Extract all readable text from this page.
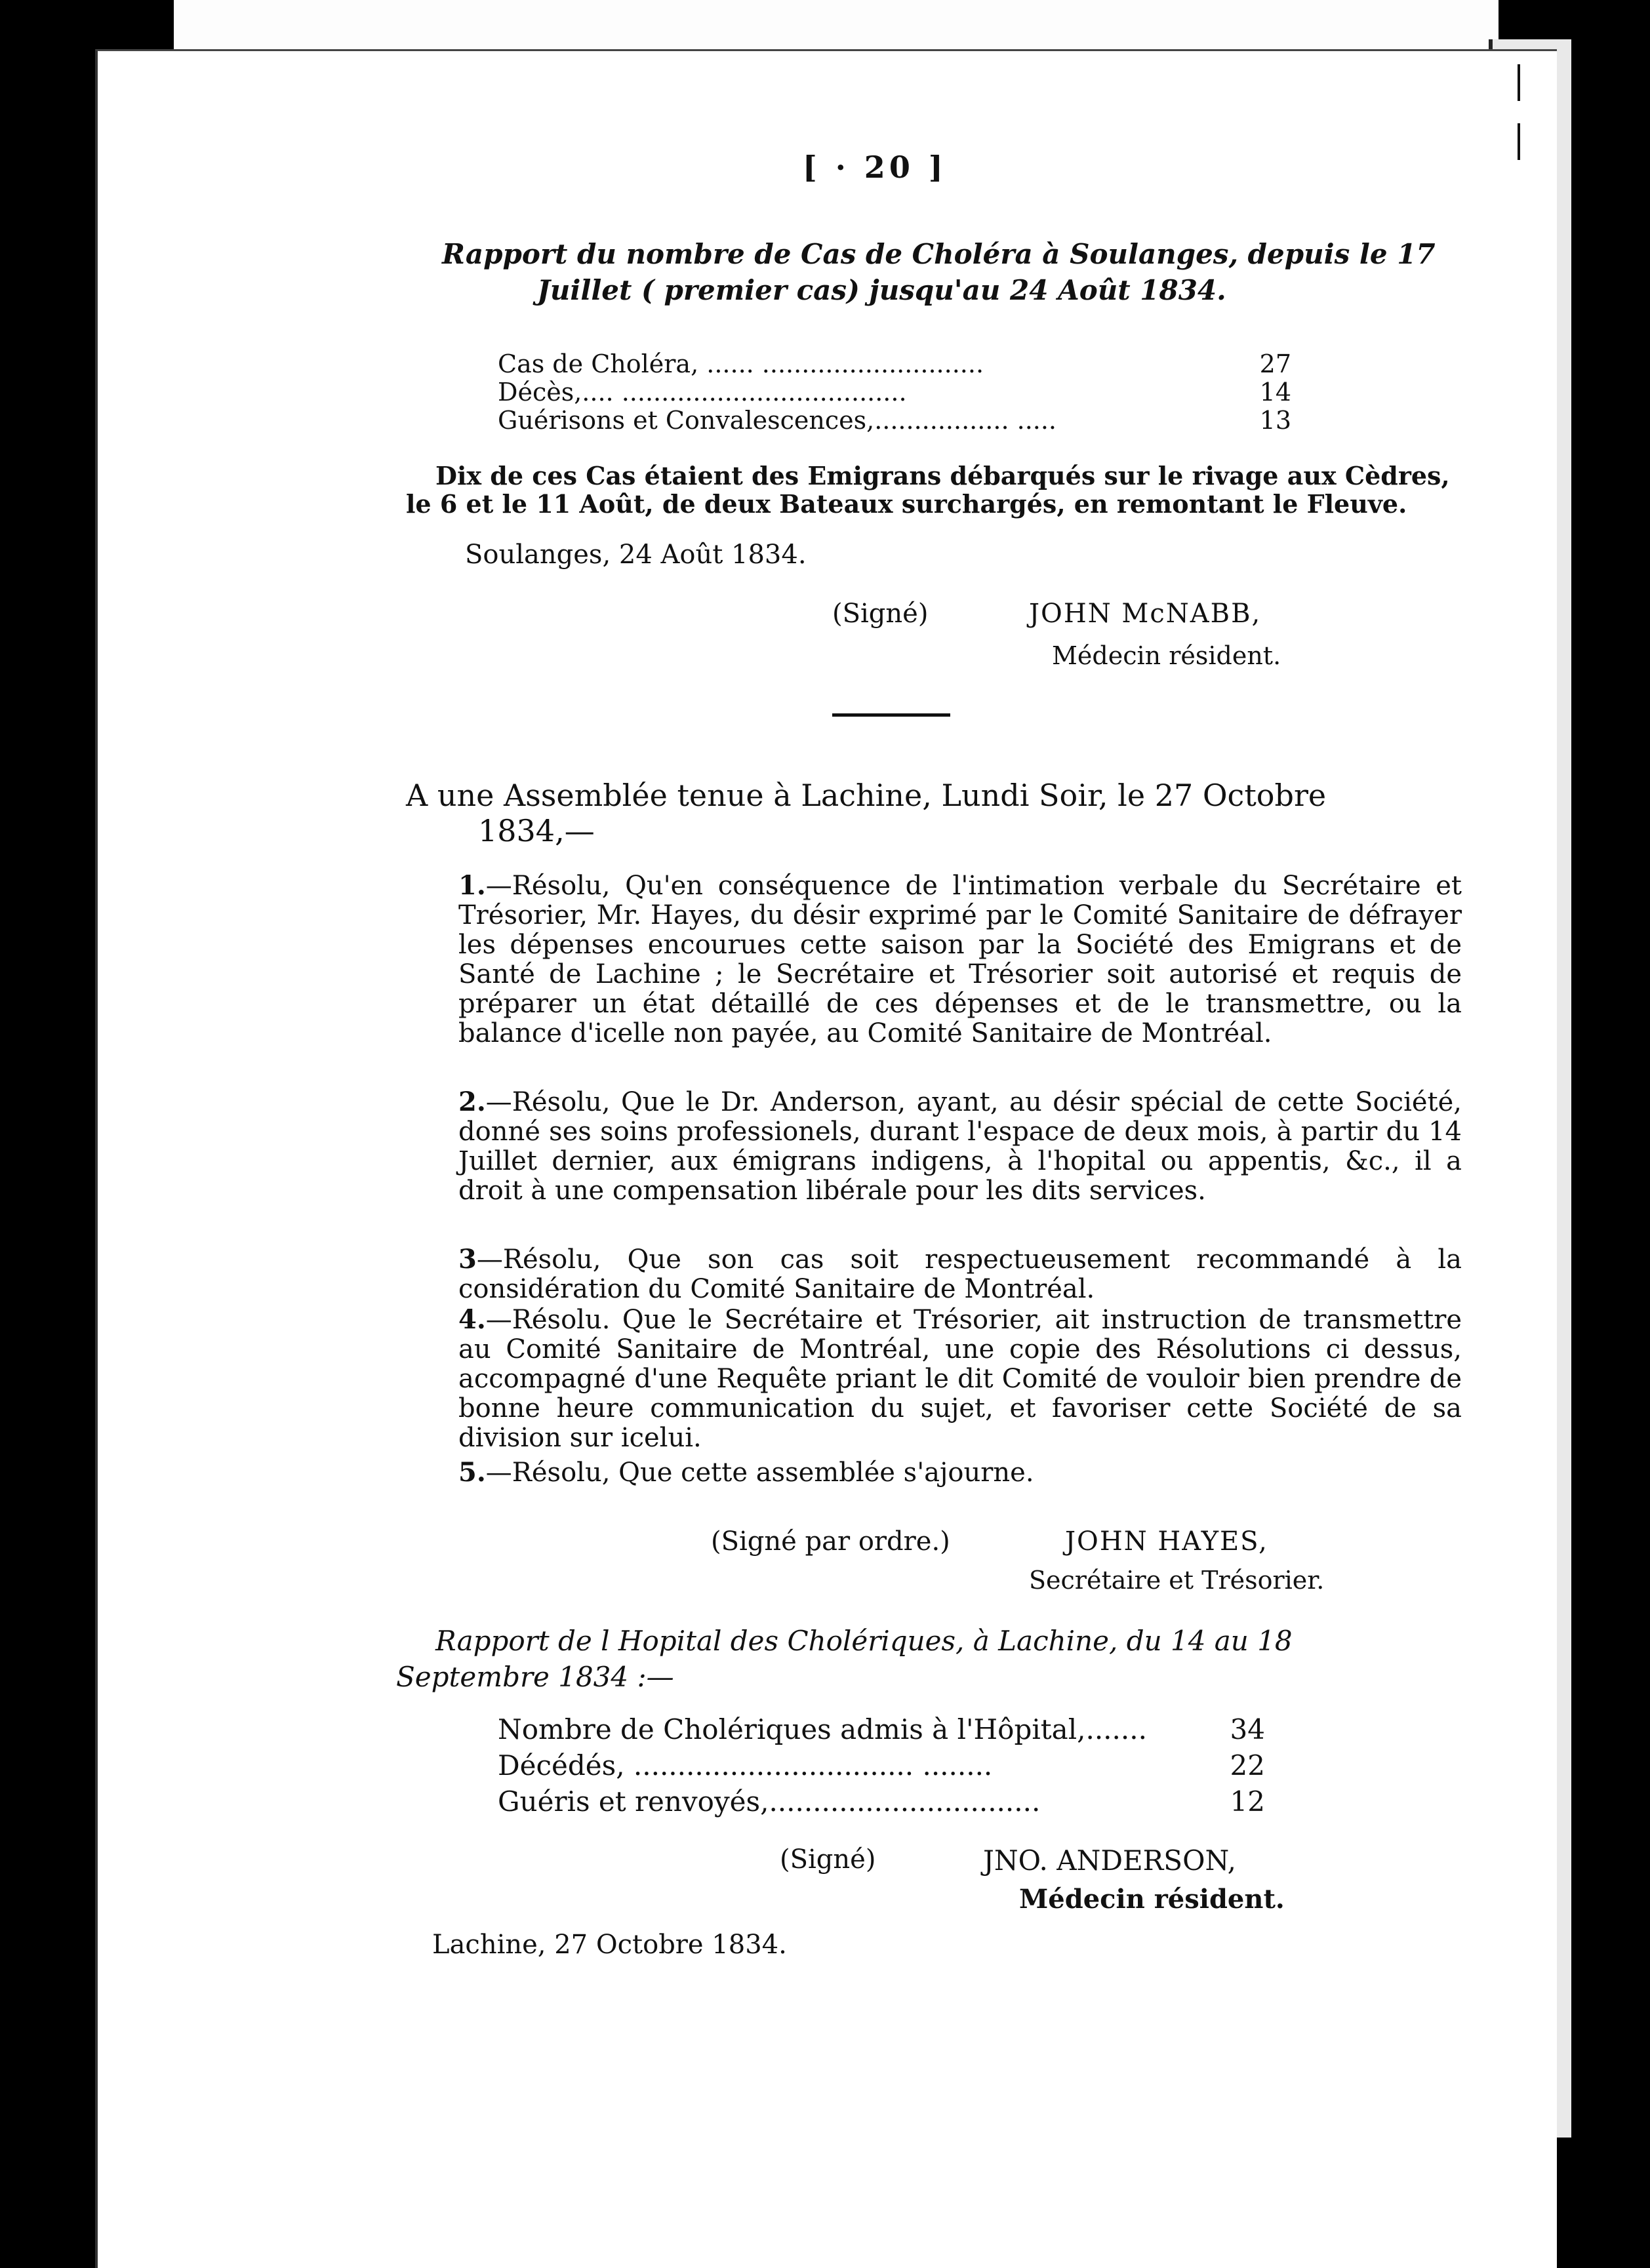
[ · 20 ]
Rapport du nombre de Cas de Choléra à Soulanges, depuis le 17
Juillet ( premier cas) jusqu'au 24 Août 1834.
Cas de Choléra, ...... ............................	27
Décès,.... ....................................	14
Guérisons et Convalescences,................. .....	13
Dix de ces Cas étaient des Emigrans débarqués sur le rivage aux Cèdres,
le 6 et le 11 Août, de deux Bateaux surchargés, en remontant le Fleuve.
Soulanges, 24 Août 1834.
(Signé)	JOHN McNABB,
Médecin résident.
A une Assemblée tenue à Lachine, Lundi Soir, le 27 Octobre
1834,—
1.—Résolu, Qu'en conséquence de l'intimation verbale du Secrétaire et Trésorier, Mr. Hayes, du désir exprimé par le Comité Sanitaire de défrayer les dépenses encourues cette saison par la Société des Emigrans et de Santé de Lachine ; le Secrétaire et Trésorier soit autorisé et requis de préparer un état détaillé de ces dépenses et de le transmettre, ou la balance d'icelle non payée, au Comité Sanitaire de Montréal.
2.—Résolu, Que le Dr. Anderson, ayant, au désir spécial de cette Société, donné ses soins professionels, durant l'espace de deux mois, à partir du 14 Juillet dernier, aux émigrans indigens, à l'hopital ou appentis, &c., il a droit à une compensation libérale pour les dits services.
3—Résolu, Que son cas soit respectueusement recommandé à la considération du Comité Sanitaire de Montréal.
4.—Résolu. Que le Secrétaire et Trésorier, ait instruction de transmettre au Comité Sanitaire de Montréal, une copie des Résolutions ci dessus, accompagné d'une Requête priant le dit Comité de vouloir bien prendre de bonne heure communication du sujet, et favoriser cette Société de sa division sur icelui.
5.—Résolu, Que cette assemblée s'ajourne.
(Signé par ordre.)	JOHN HAYES,
Secrétaire et Trésorier.
Rapport de l Hopital des Cholériques, à Lachine, du 14 au 18
Septembre 1834 :—
Nombre de Cholériques admis à l'Hôpital,.......	34
Décédés, ................................ ........	22
Guéris et renvoyés,...............................	12
(Signé)	JNO. ANDERSON,
Médecin résident.
Lachine, 27 Octobre 1834.
